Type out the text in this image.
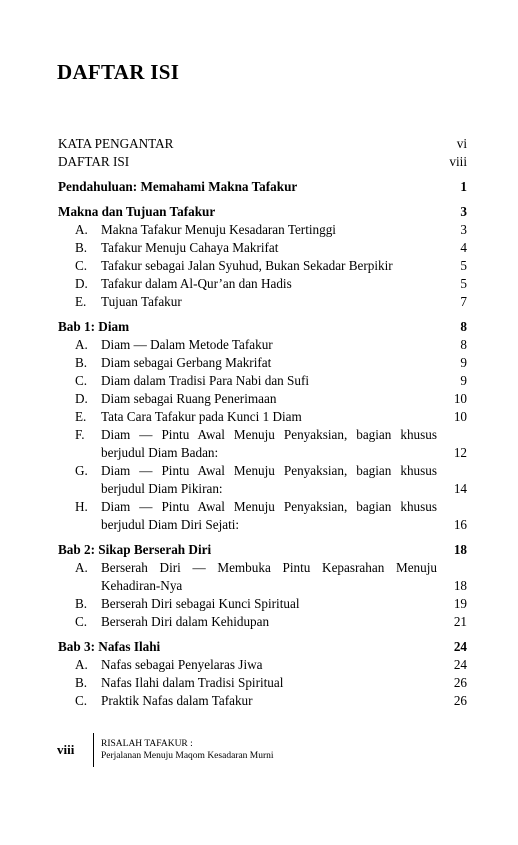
DAFTAR ISI
KATA PENGANTAR	vi
DAFTAR ISI	viii
Pendahuluan: Memahami Makna Tafakur	1
Makna dan Tujuan Tafakur	3
A. Makna Tafakur Menuju Kesadaran Tertinggi	3
B.	Tafakur Menuju Cahaya Makrifat	4
C.	Tafakur sebagai Jalan Syuhud, Bukan Sekadar Berpikir	5
D. Tafakur dalam Al-Qur’an dan Hadis	5
E.	Tujuan Tafakur	7
Bab 1: Diam	8
A. Diam — Dalam Metode Tafakur	8
B.	Diam sebagai Gerbang Makrifat	9
C.	Diam dalam Tradisi Para Nabi dan Sufi	9
D. Diam sebagai Ruang Penerimaan	10
E.	Tata Cara Tafakur pada Kunci 1 Diam	10
F.	Diam — Pintu Awal Menuju Penyaksian, bagian khusus
berjudul Diam Badan:	12
G. Diam — Pintu Awal Menuju Penyaksian, bagian khusus
berjudul Diam Pikiran:	14
H. Diam — Pintu Awal Menuju Penyaksian, bagian khusus
berjudul Diam Diri Sejati:	16
Bab 2: Sikap Berserah Diri	18
A. Berserah Diri — Membuka Pintu Kepasrahan Menuju
Kehadiran-Nya	18
B.	Berserah Diri sebagai Kunci Spiritual	19
C.	Berserah Diri dalam Kehidupan	21
Bab 3: Nafas Ilahi	24
A. Nafas sebagai Penyelaras Jiwa	24
B.	Nafas Ilahi dalam Tradisi Spiritual	26
C.	Praktik Nafas dalam Tafakur	26
viii	RISALAH TAFAKUR :
Perjalanan Menuju Maqom Kesadaran Murni
